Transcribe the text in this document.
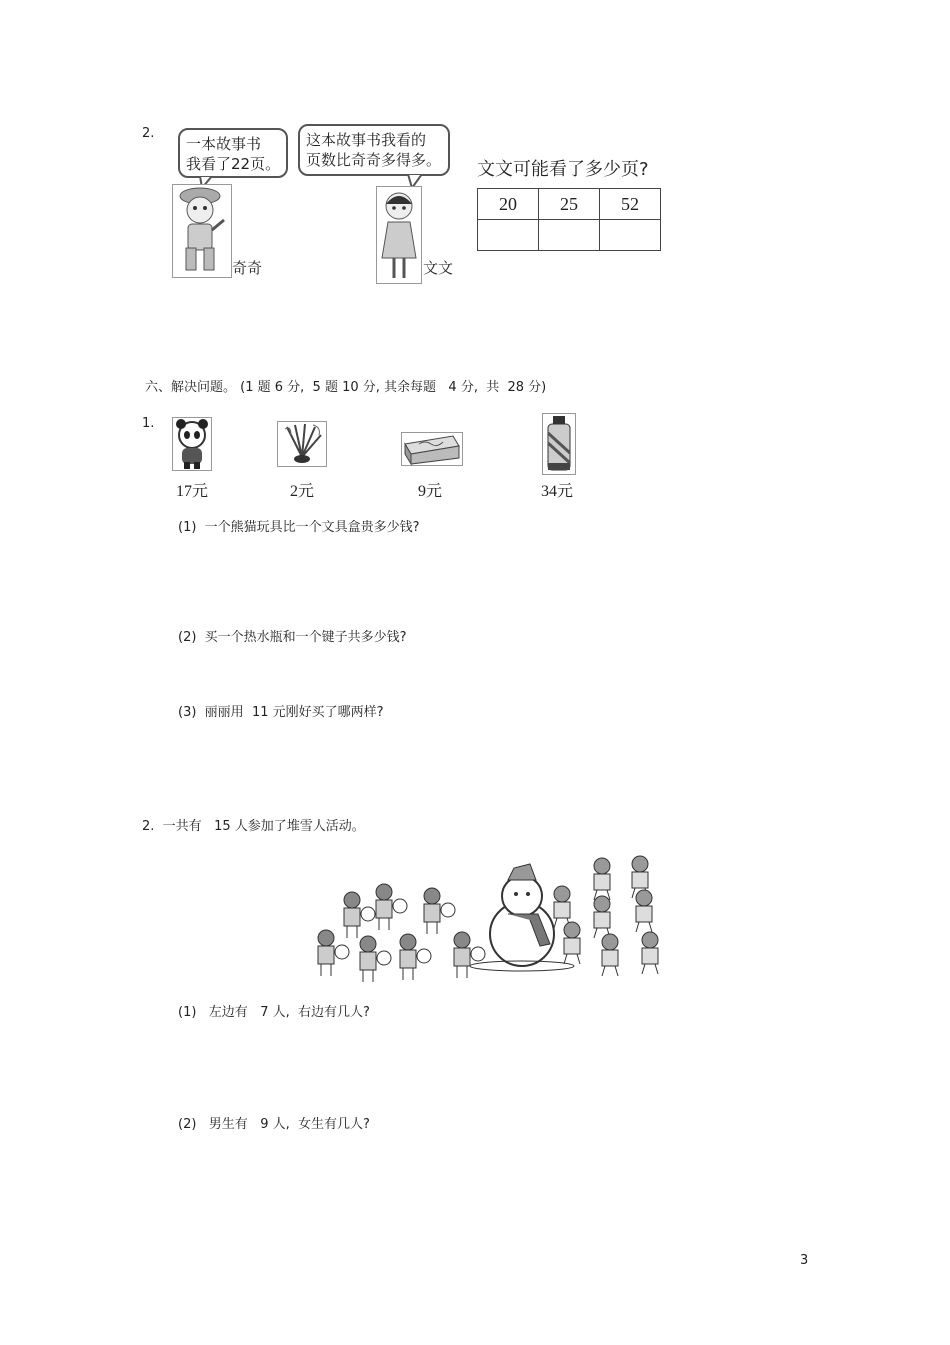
2.
一本故事书
我看了22页。
这本故事书我看的
页数比奇奇多得多。
奇奇	文文
文文可能看了多少页?
20	25	52

六、解决问题。 (1 题 6 分,  5 题 10 分, 其余每题   4 分,  共  28 分)
1.
17元	2元	9元	34元
(1)  一个熊猫玩具比一个文具盒贵多少钱?
(2)  买一个热水瓶和一个键子共多少钱?
(3)  丽丽用  11 元刚好买了哪两样?
2.  一共有   15 人参加了堆雪人活动。
(1)   左边有   7 人,  右边有几人?
(2)   男生有   9 人,  女生有几人?
3
